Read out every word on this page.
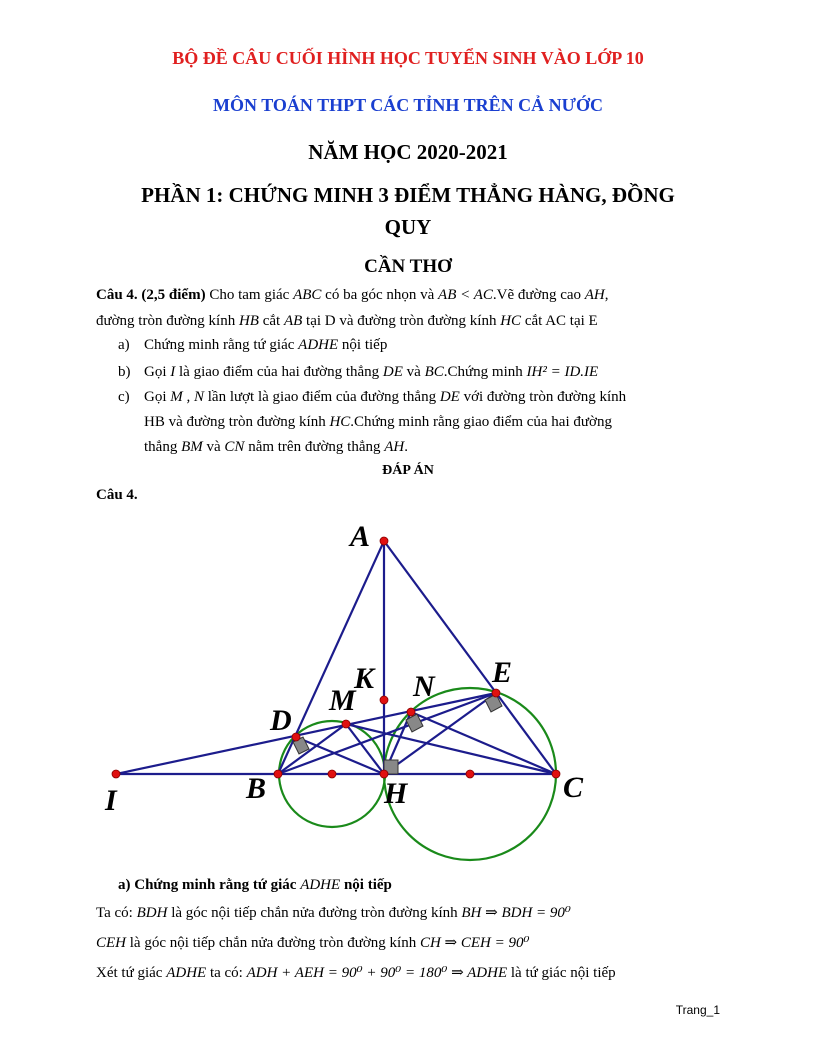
BỘ ĐỀ CÂU CUỐI HÌNH HỌC TUYỂN SINH VÀO LỚP 10
MÔN TOÁN THPT CÁC TỈNH TRÊN CẢ NƯỚC
NĂM HỌC 2020-2021
PHẦN 1: CHỨNG MINH 3 ĐIỂM THẲNG HÀNG, ĐỒNG
QUY
CẦN THƠ
Câu 4. (2,5 điểm) Cho tam giác ABC có ba góc nhọn và AB < AC.Vẽ đường cao AH,
đường tròn đường kính HB cắt AB tại D và đường tròn đường kính HC cắt AC tại E
a) Chứng minh rằng tứ giác ADHE nội tiếp
b) Gọi I là giao điểm của hai đường thẳng DE và BC.Chứng minh IH² = ID.IE
c) Gọi M , N lần lượt là giao điểm của đường thẳng DE với đường tròn đường kính
HB và đường tròn đường kính HC.Chứng minh rằng giao điểm của hai đường
thẳng BM và CN nằm trên đường thẳng AH.
ĐÁP ÁN
Câu 4.
A
K	E
N
M
D
B	H	C
I
a) Chứng minh rằng tứ giác ADHE nội tiếp
Ta có: BDH là góc nội tiếp chắn nửa đường tròn đường kính BH ⇒ BDH = 90⁰
CEH là góc nội tiếp chắn nửa đường tròn đường kính CH ⇒ CEH = 90⁰
Xét tứ giác ADHE ta có: ADH + AEH = 90⁰ + 90⁰ = 180⁰ ⇒ ADHE là tứ giác nội tiếp
Trang_1
